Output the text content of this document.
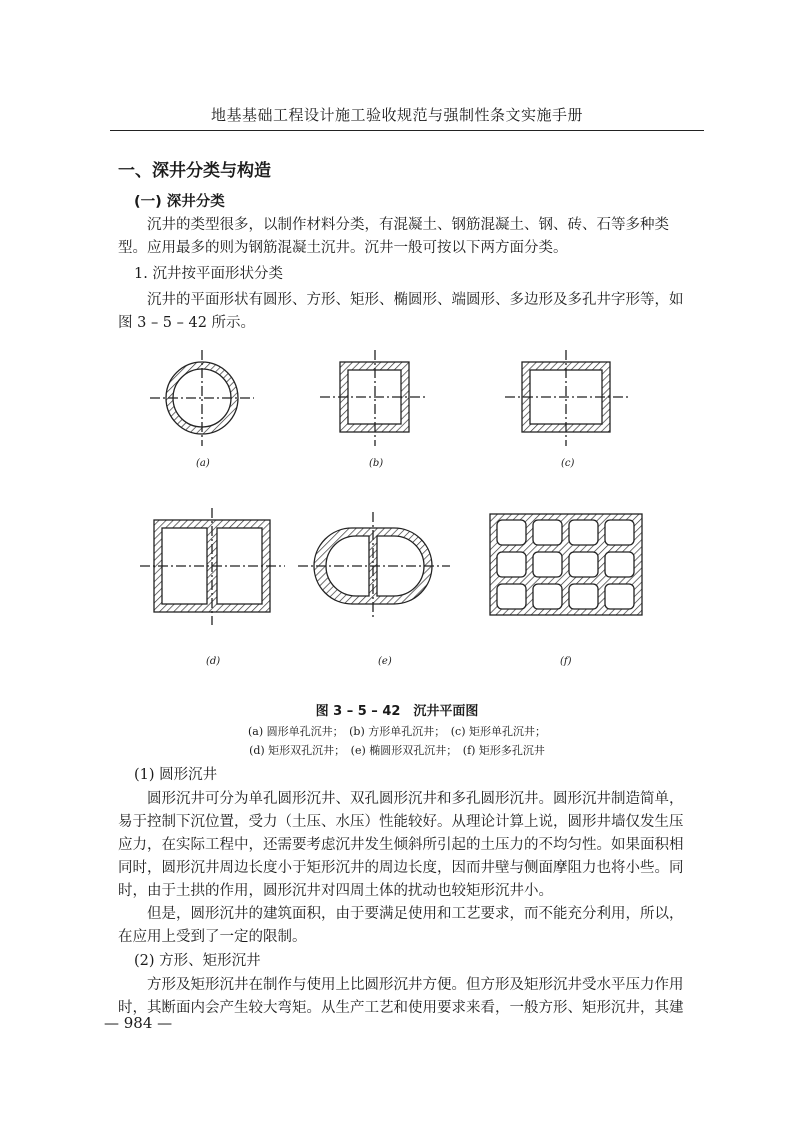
地基基础工程设计施工验收规范与强制性条文实施手册
一、深井分类与构造
(一) 深井分类
沉井的类型很多，以制作材料分类，有混凝土、钢筋混凝土、钢、砖、石等多种类
型。应用最多的则为钢筋混凝土沉井。沉井一般可按以下两方面分类。
1. 沉井按平面形状分类
沉井的平面形状有圆形、方形、矩形、椭圆形、端圆形、多边形及多孔井字形等，如
图 3 – 5 – 42 所示。
(a)	(b)	(c)
(d)	(e)	(f)
图 3 – 5 – 42　沉井平面图
(a) 圆形单孔沉井；　(b) 方形单孔沉井；　(c) 矩形单孔沉井；
(d) 矩形双孔沉井；　(e) 椭圆形双孔沉井；　(f) 矩形多孔沉井
(1) 圆形沉井
圆形沉井可分为单孔圆形沉井、双孔圆形沉井和多孔圆形沉井。圆形沉井制造简单，
易于控制下沉位置，受力（土压、水压）性能较好。从理论计算上说，圆形井墙仅发生压
应力，在实际工程中，还需要考虑沉井发生倾斜所引起的土压力的不均匀性。如果面积相
同时，圆形沉井周边长度小于矩形沉井的周边长度，因而井壁与侧面摩阻力也将小些。同
时，由于土拱的作用，圆形沉井对四周土体的扰动也较矩形沉井小。
但是，圆形沉井的建筑面积，由于要满足使用和工艺要求，而不能充分利用，所以，
在应用上受到了一定的限制。
(2) 方形、矩形沉井
方形及矩形沉井在制作与使用上比圆形沉井方便。但方形及矩形沉井受水平压力作用
时，其断面内会产生较大弯矩。从生产工艺和使用要求来看，一般方形、矩形沉井，其建
— 984 —
